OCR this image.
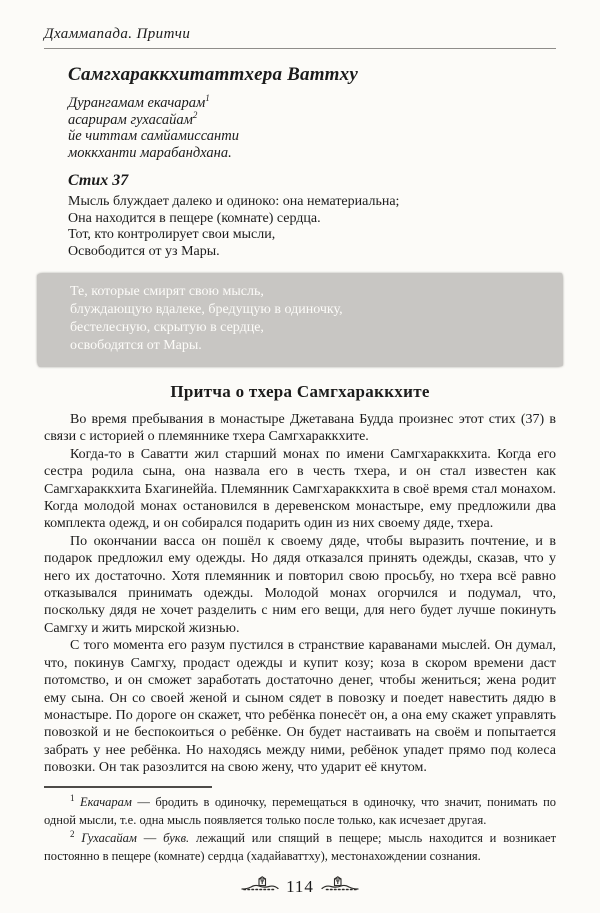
Дхаммапада. Притчи
Самгхараккхитаттхера Ваттху
Дурангамам екачарам$^1$
асарирам гухасайам$^2$
йе читтам самйамиссанти
моккханти марабандхана.
Стих 37
Мысль блуждает далеко и одиноко: она нематериальна;
Она находится в пещере (комнате) сердца.
Тот, кто контролирует свои мысли,
Освободится от уз Мары.
Те, которые смирят свою мысль,
блуждающую вдалеке, бредущую в одиночку,
бестелесную, скрытую в сердце,
освободятся от Мары.
Притча о тхера Самгхараккхите

Во время пребывания в монастыре Джетавана Будда произнес этот стих (37) в связи с историей о племяннике тхера Самгхараккхите.

Когда-то в Саватти жил старший монах по имени Самгхараккхита. Когда его сестра родила сына, она назвала его в честь тхера, и он стал известен как Самгхараккхита Бхагинеййа. Племянник Самгхараккхита в своё время стал монахом. Когда молодой монах остановился в деревенском монастыре, ему предложили два комплекта одежд, и он собирался подарить один из них своему дяде, тхера.

По окончании васса он пошёл к своему дяде, чтобы выразить почтение, и в подарок предложил ему одежды. Но дядя отказался принять одежды, сказав, что у него их достаточно. Хотя племянник и повторил свою просьбу, но тхера всё равно отказывался принимать одежды. Молодой монах огорчился и подумал, что, поскольку дядя не хочет разделить с ним его вещи, для него будет лучше покинуть Самгху и жить мирской жизнью.

С того момента его разум пустился в странствие караванами мыслей. Он думал, что, покинув Самгху, продаст одежды и купит козу; коза в скором времени даст потомство, и он сможет заработать достаточно денег, чтобы жениться; жена родит ему сына. Он со своей женой и сыном сядет в повозку и поедет навестить дядю в монастыре. По дороге он скажет, что ребёнка понесёт он, а она ему скажет управлять повозкой и не беспокоиться о ребёнке. Он будет настаивать на своём и попытается забрать у нее ребёнка. Но находясь между ними, ребёнок упадет прямо под колеса повозки. Он так разозлится на свою жену, что ударит её кнутом.

$^1$ Екачарам — бродить в одиночку, перемещаться в одиночку, что значит, понимать по одной мысли, т.е. одна мысль появляется только после только, как исчезает другая.
$^2$ Гухасайам — букв. лежащий или спящий в пещере; мысль находится и возникает постоянно в пещере (комнате) сердца (хадайаваттху), местонахождении сознания.
114
